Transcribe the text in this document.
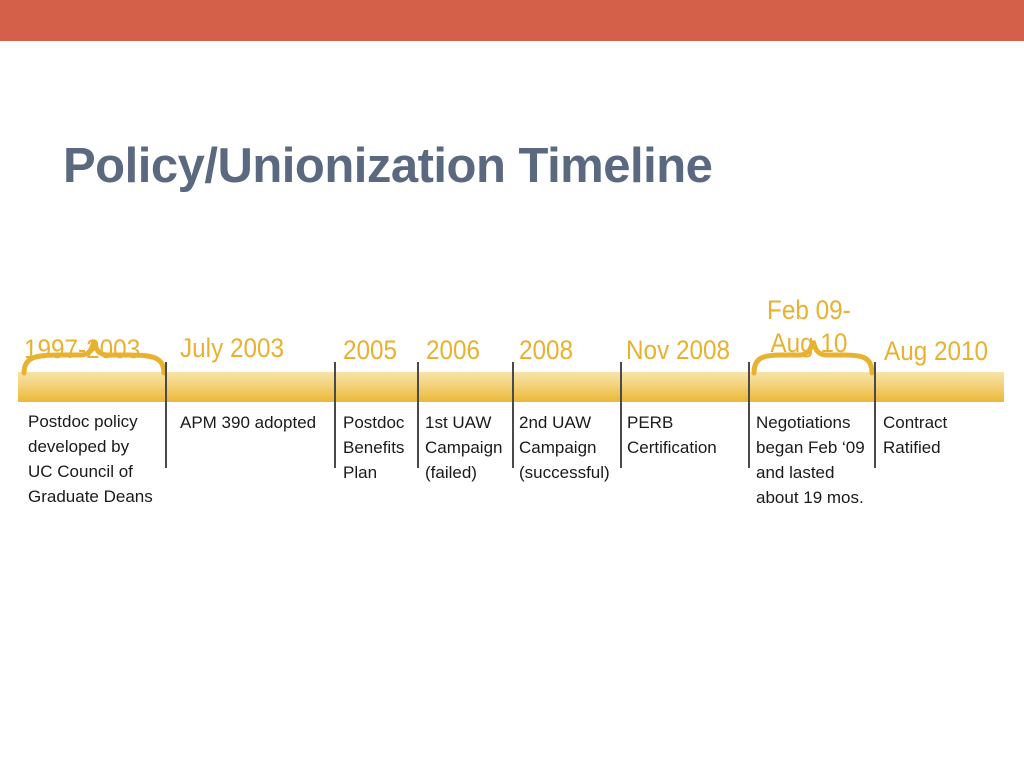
Policy/Unionization Timeline
1997-2003 July 2003 2005 2006 2008 Nov 2008
Feb 09-
Aug 10 Aug 2010
Postdoc policy
developed by
UC Council of
Graduate Deans
APM 390 adopted Postdoc
Benefits
Plan
1st UAW
Campaign
(failed)
2nd UAW
Campaign
(successful)
PERB
Certification
Negotiations
began Feb ‘09
and lasted
about 19 mos.
Contract
Ratified
